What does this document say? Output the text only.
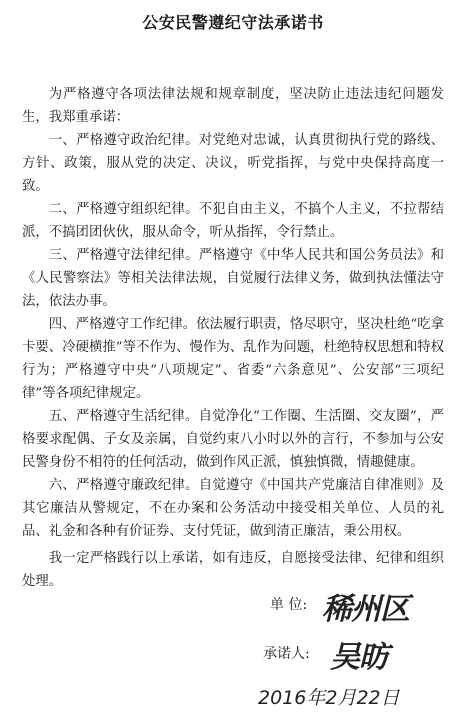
公安民警遵纪守法承诺书

为严格遵守各项法律法规和规章制度，坚决防止违法违纪问题发生，我郑重承诺：

一、严格遵守政治纪律。对党绝对忠诚，认真贯彻执行党的路线、方针、政策，服从党的决定、决议，听党指挥，与党中央保持高度一致。

二、严格遵守组织纪律。不犯自由主义，不搞个人主义，不拉帮结派，不搞团团伙伙，服从命令，听从指挥，令行禁止。

三、严格遵守法律纪律。严格遵守《中华人民共和国公务员法》和《人民警察法》等相关法律法规，自觉履行法律义务，做到执法懂法守法，依法办事。

四、严格遵守工作纪律。依法履行职责，恪尽职守，坚决杜绝“吃拿卡要、冷硬横推”等不作为、慢作为、乱作为问题，杜绝特权思想和特权行为；严格遵守中央“八项规定”、省委“六条意见”、公安部“三项纪律”等各项纪律规定。

五、严格遵守生活纪律。自觉净化“工作圈、生活圈、交友圈”，严格要求配偶、子女及亲属，自觉约束八小时以外的言行，不参加与公安民警身份不相符的任何活动，做到作风正派，慎独慎微，情趣健康。

六、严格遵守廉政纪律。自觉遵守《中国共产党廉洁自律准则》及其它廉洁从警规定，不在办案和公务活动中接受相关单位、人员的礼品、礼金和各种有价证券、支付凭证，做到清正廉洁，秉公用权。

我一定严格践行以上承诺，如有违反，自愿接受法律、纪律和组织处理。

单 位: 稀州区
承诺人: 吴昉
2016年2月22日
